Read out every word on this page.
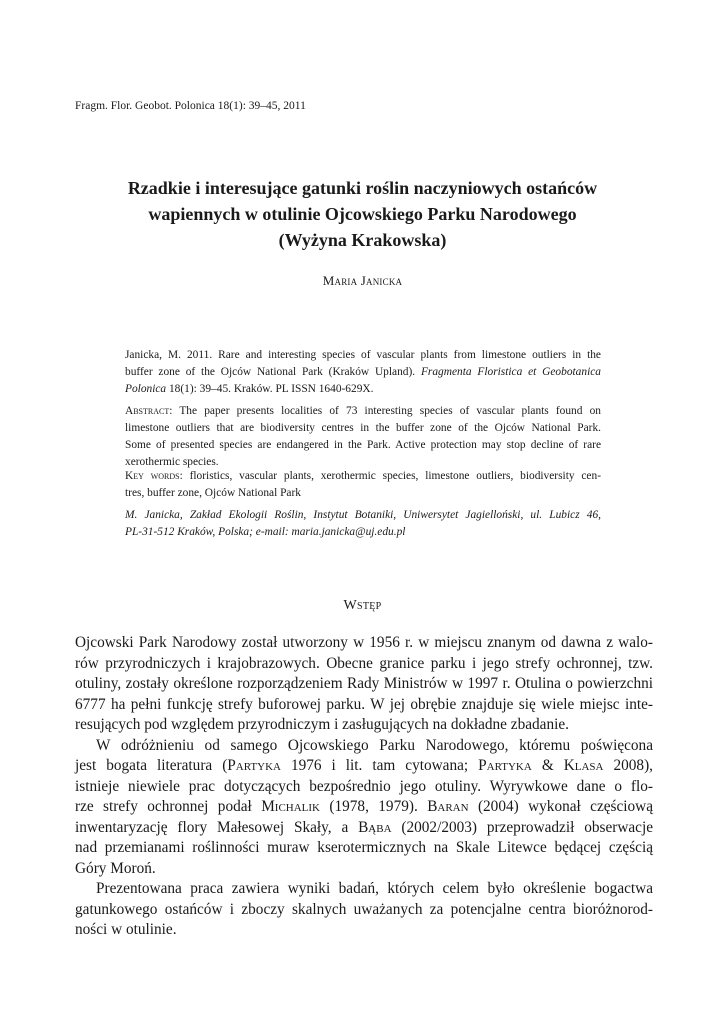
Fragm. Flor. Geobot. Polonica 18(1): 39–45, 2011
Rzadkie i interesujące gatunki roślin naczyniowych ostańców
wapiennych w otulinie Ojcowskiego Parku Narodowego
(Wyżyna Krakowska)
Maria Janicka
Janicka, M. 2011. Rare and interesting species of vascular plants from limestone outliers in the
buffer zone of the Ojców National Park (Kraków Upland). Fragmenta Floristica et Geobotanica
Polonica 18(1): 39–45. Kraków. PL ISSN 1640-629X.
Abstract: The paper presents localities of 73 interesting species of vascular plants found on
limestone outliers that are biodiversity centres in the buffer zone of the Ojców National Park.
Some of presented species are endangered in the Park. Active protection may stop decline of rare
xerothermic species.
Key words: floristics, vascular plants, xerothermic species, limestone outliers, biodiversity cen-
tres, buffer zone, Ojców National Park
M. Janicka, Zakład Ekologii Roślin, Instytut Botaniki, Uniwersytet Jagielloński, ul. Lubicz 46,
PL-31-512 Kraków, Polska; e-mail: maria.janicka@uj.edu.pl
Wstęp
Ojcowski Park Narodowy został utworzony w 1956 r. w miejscu znanym od dawna z walo-
rów przyrodniczych i krajobrazowych. Obecne granice parku i jego strefy ochronnej, tzw.
otuliny, zostały określone rozporządzeniem Rady Ministrów w 1997 r. Otulina o powierzchni
6777 ha pełni funkcję strefy buforowej parku. W jej obrębie znajduje się wiele miejsc inte-
resujących pod względem przyrodniczym i zasługujących na dokładne zbadanie.
W odróżnieniu od samego Ojcowskiego Parku Narodowego, któremu poświęcona
jest bogata literatura (Partyka 1976 i lit. tam cytowana; Partyka & Klasa 2008),
istnieje niewiele prac dotyczących bezpośrednio jego otuliny. Wyrywkowe dane o flo-
rze strefy ochronnej podał Michalik (1978, 1979). Baran (2004) wykonał częściową
inwentaryzację flory Małesowej Skały, a Bąba (2002/2003) przeprowadził obserwacje
nad przemianami roślinności muraw kserotermicznych na Skale Litewce będącej częścią
Góry Moroń.
Prezentowana praca zawiera wyniki badań, których celem było określenie bogactwa
gatunkowego ostańców i zboczy skalnych uważanych za potencjalne centra bioróżnorod-
ności w otulinie.
